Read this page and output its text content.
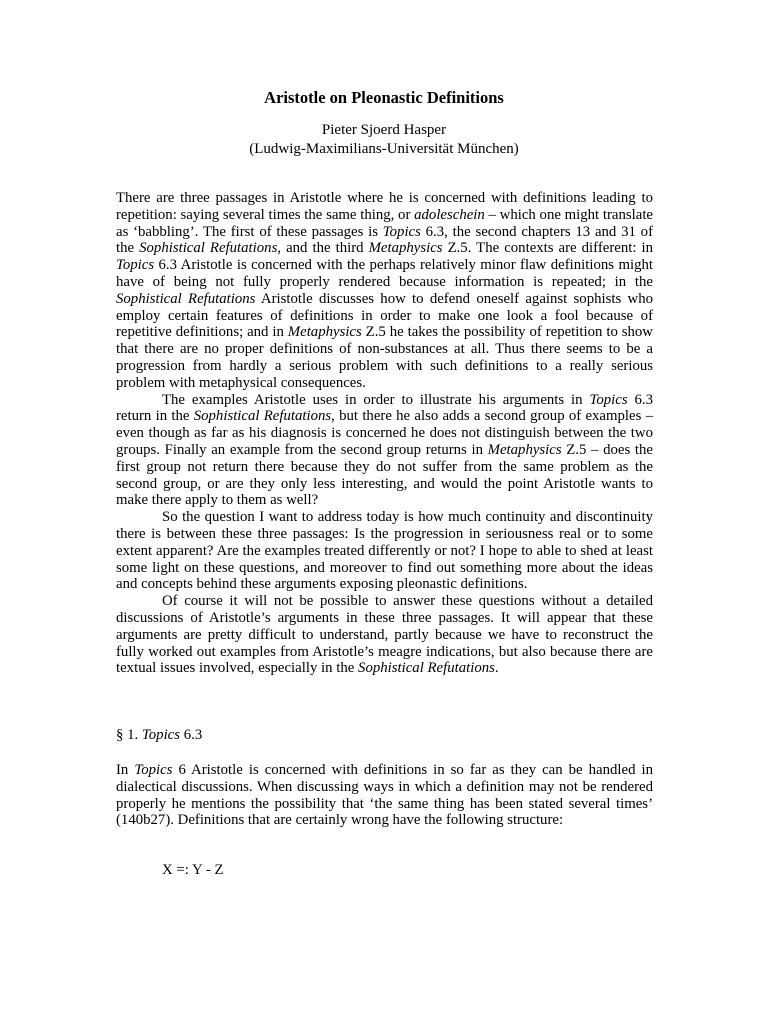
Aristotle on Pleonastic Definitions
Pieter Sjoerd Hasper
(Ludwig-Maximilians-Universität München)

There are three passages in Aristotle where he is concerned with definitions leading to repetition: saying several times the same thing, or adoleschein – which one might translate as ‘babbling’. The first of these passages is Topics 6.3, the second chapters 13 and 31 of the Sophistical Refutations, and the third Metaphysics Z.5. The contexts are different: in Topics 6.3 Aristotle is concerned with the perhaps relatively minor flaw definitions might have of being not fully properly rendered because information is repeated; in the Sophistical Refutations Aristotle discusses how to defend oneself against sophists who employ certain features of definitions in order to make one look a fool because of repetitive definitions; and in Metaphysics Z.5 he takes the possibility of repetition to show that there are no proper definitions of non-substances at all. Thus there seems to be a progression from hardly a serious problem with such definitions to a really serious problem with metaphysical consequences.

The examples Aristotle uses in order to illustrate his arguments in Topics 6.3 return in the Sophistical Refutations, but there he also adds a second group of examples – even though as far as his diagnosis is concerned he does not distinguish between the two groups. Finally an example from the second group returns in Metaphysics Z.5 – does the first group not return there because they do not suffer from the same problem as the second group, or are they only less interesting, and would the point Aristotle wants to make there apply to them as well?

So the question I want to address today is how much continuity and discontinuity there is between these three passages: Is the progression in seriousness real or to some extent apparent? Are the examples treated differently or not? I hope to able to shed at least some light on these questions, and moreover to find out something more about the ideas and concepts behind these arguments exposing pleonastic definitions.

Of course it will not be possible to answer these questions without a detailed discussions of Aristotle’s arguments in these three passages. It will appear that these arguments are pretty difficult to understand, partly because we have to reconstruct the fully worked out examples from Aristotle’s meagre indications, but also because there are textual issues involved, especially in the Sophistical Refutations.

§ 1. Topics 6.3

In Topics 6 Aristotle is concerned with definitions in so far as they can be handled in dialectical discussions. When discussing ways in which a definition may not be rendered properly he mentions the possibility that ‘the same thing has been stated several times’ (140b27). Definitions that are certainly wrong have the following structure:

X =: Y - Z
